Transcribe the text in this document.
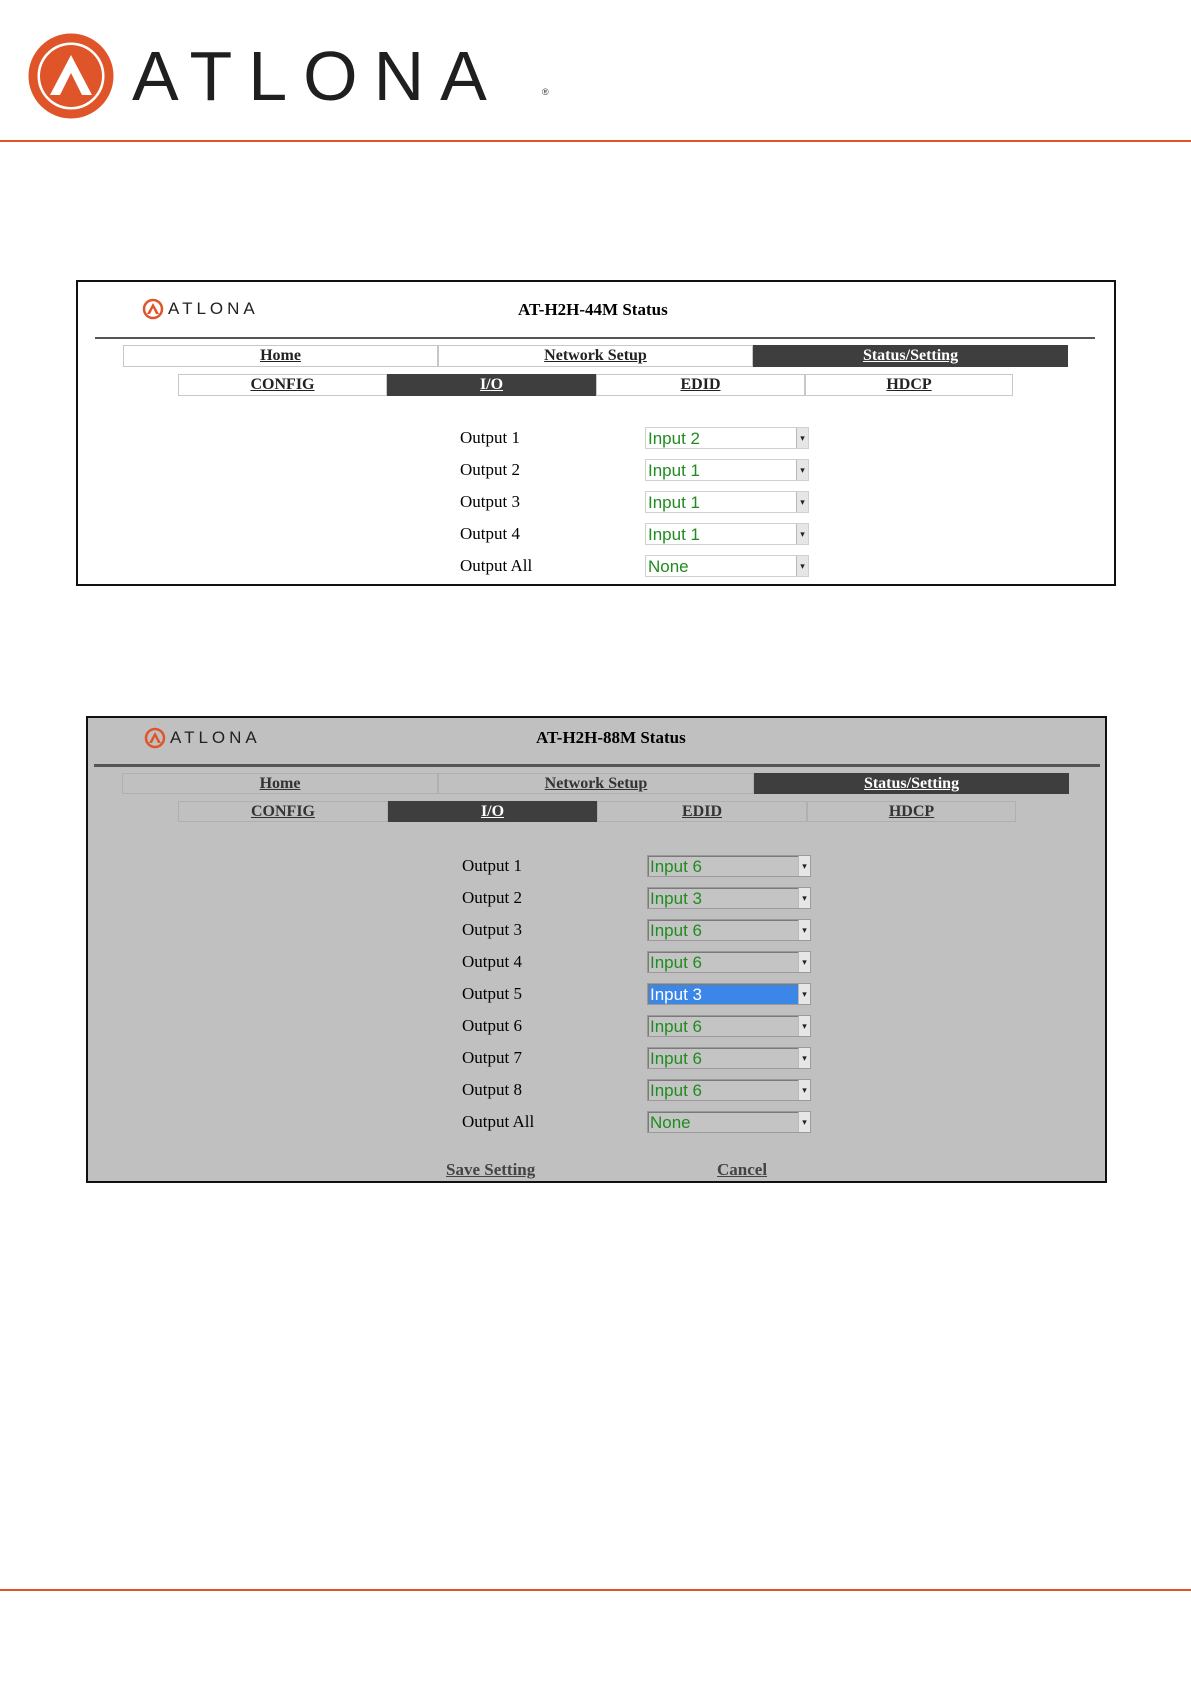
ATLONA	®
ATLONA	AT-H2H-44M Status
Home	Network Setup	Status/Setting
CONFIG	I/O	EDID	HDCP
Output 1	Input 2	▾
Output 2	Input 1	▾
Output 3	Input 1	▾
Output 4	Input 1	▾
Output All	None	▾
ATLONA	AT-H2H-88M Status
Home	Network Setup	Status/Setting
CONFIG	I/O	EDID	HDCP
Output 1	Input 6	▾
Output 2	Input 3	▾
Output 3	Input 6	▾
Output 4	Input 6	▾
Output 5	Input 3	▾
Output 6	Input 6	▾
Output 7	Input 6	▾
Output 8	Input 6	▾
Output All	None	▾
Save Setting	Cancel
